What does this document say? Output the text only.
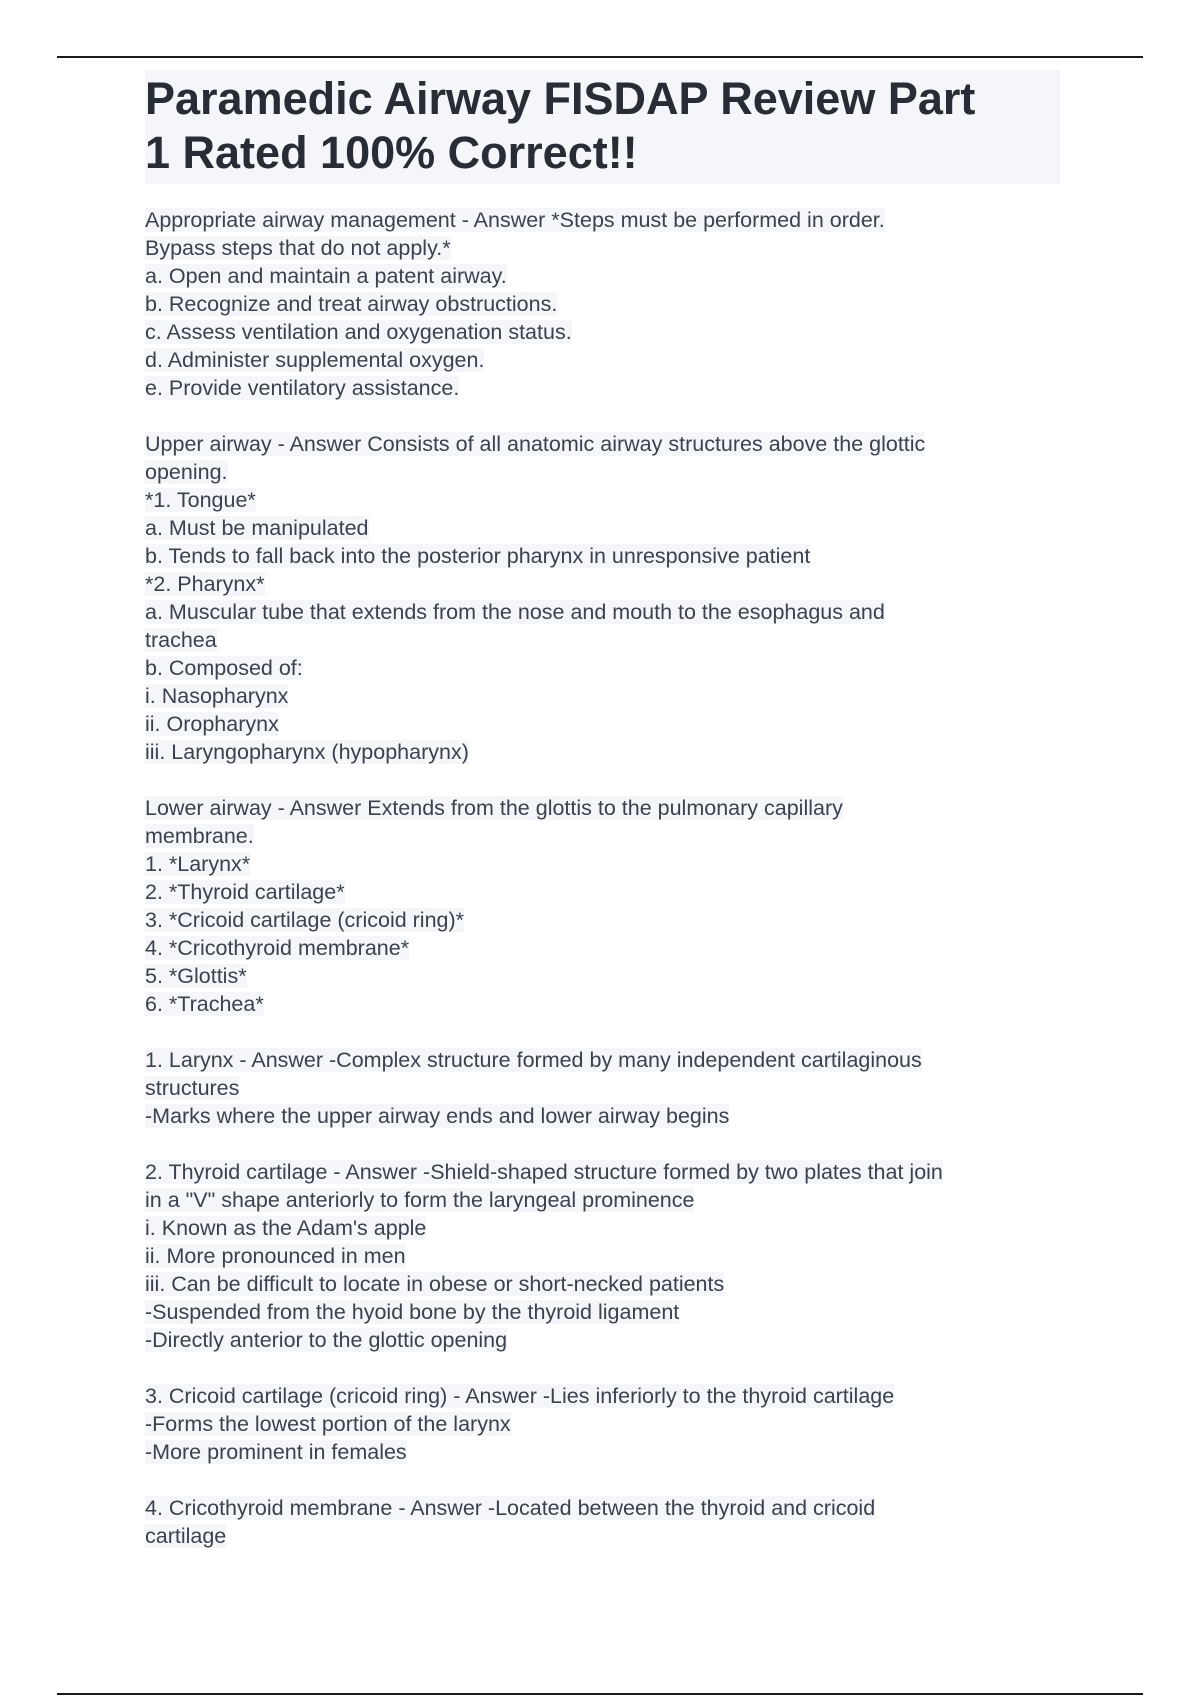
Paramedic Airway FISDAP Review Part
1 Rated 100% Correct!!
Appropriate airway management - Answer *Steps must be performed in order.
Bypass steps that do not apply.*
a. Open and maintain a patent airway.
b. Recognize and treat airway obstructions.
c. Assess ventilation and oxygenation status.
d. Administer supplemental oxygen.
e. Provide ventilatory assistance.
Upper airway - Answer Consists of all anatomic airway structures above the glottic
opening.
*1. Tongue*
a. Must be manipulated
b. Tends to fall back into the posterior pharynx in unresponsive patient
*2. Pharynx*
a. Muscular tube that extends from the nose and mouth to the esophagus and
trachea
b. Composed of:
i. Nasopharynx
ii. Oropharynx
iii. Laryngopharynx (hypopharynx)
Lower airway - Answer Extends from the glottis to the pulmonary capillary
membrane.
1. *Larynx*
2. *Thyroid cartilage*
3. *Cricoid cartilage (cricoid ring)*
4. *Cricothyroid membrane*
5. *Glottis*
6. *Trachea*
1. Larynx - Answer -Complex structure formed by many independent cartilaginous
structures
-Marks where the upper airway ends and lower airway begins
2. Thyroid cartilage - Answer -Shield-shaped structure formed by two plates that join
in a "V" shape anteriorly to form the laryngeal prominence
i. Known as the Adam's apple
ii. More pronounced in men
iii. Can be difficult to locate in obese or short-necked patients
-Suspended from the hyoid bone by the thyroid ligament
-Directly anterior to the glottic opening
3. Cricoid cartilage (cricoid ring) - Answer -Lies inferiorly to the thyroid cartilage
-Forms the lowest portion of the larynx
-More prominent in females
4. Cricothyroid membrane - Answer -Located between the thyroid and cricoid
cartilage
